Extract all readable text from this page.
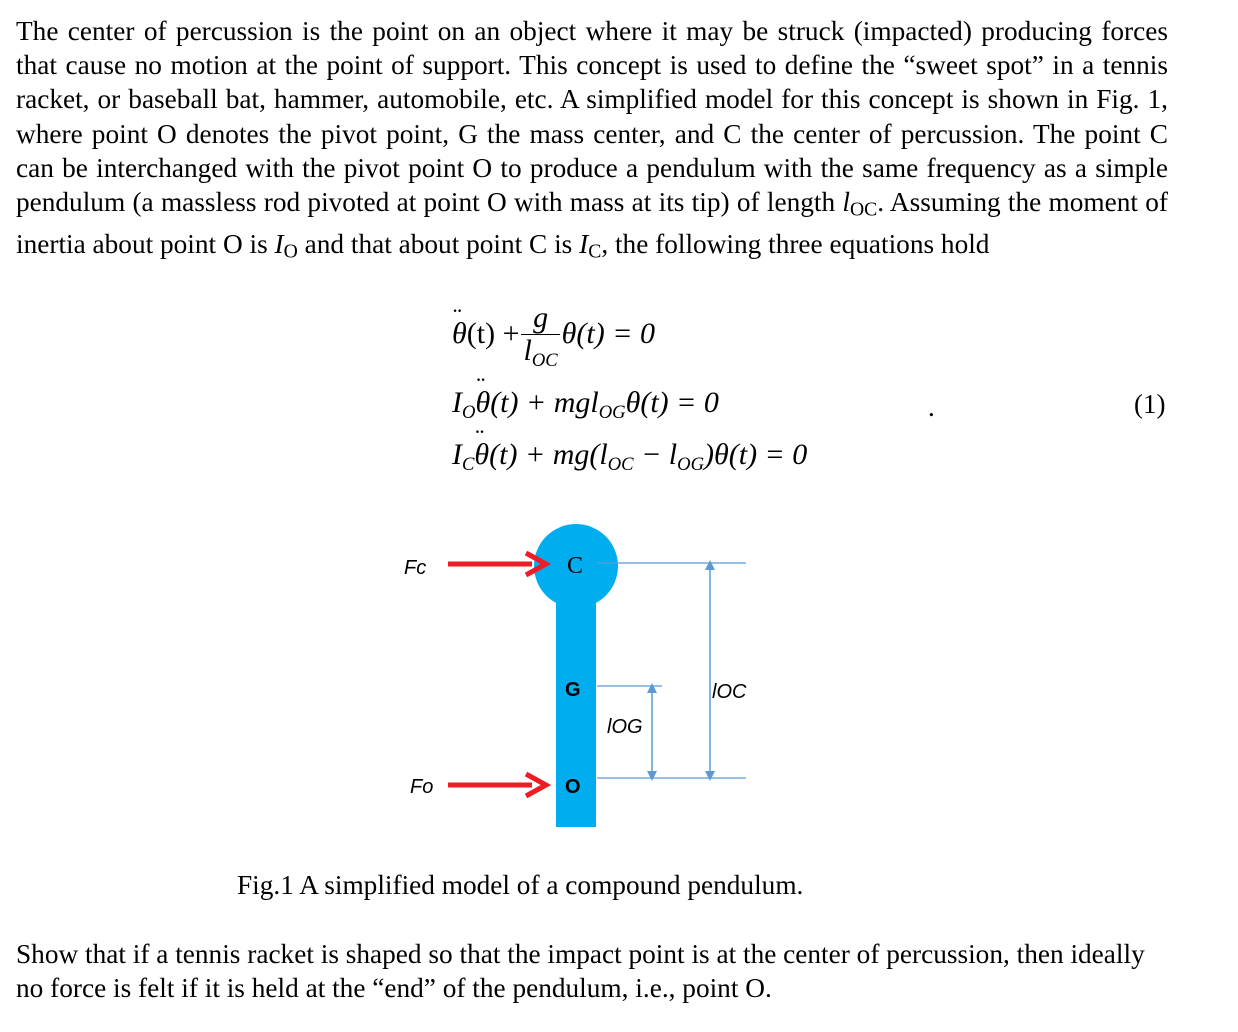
The center of percussion is the point on an object where it may be struck (impacted) producing forces that cause no motion at the point of support. This concept is used to define the “sweet spot” in a tennis racket, or baseball bat, hammer, automobile, etc. A simplified model for this concept is shown in Fig. 1, where point O denotes the pivot point, G the mass center, and C the center of percussion. The point C can be interchanged with the pivot point O to produce a pendulum with the same frequency as a simple pendulum (a massless rod pivoted at point O with mass at its tip) of length $l_{OC}$. Assuming the moment of inertia about point O is $I_O$ and that about point C is $I_C$, the following three equations hold

¨ $\theta(t) + \frac{g}{l_{OC}} \theta(t) = 0$
$I_O¨$ θ(t) + mgl$_{OG}$θ(t) = 0
$I_C¨$ $\theta(t) + mg(l_{OC} - l_{OG})\theta(t) = 0$
.	(1)
Fc
Fo
C
G
O
lOG
lOC

Fig.1 A simplified model of a compound pendulum.

Show that if a tennis racket is shaped so that the impact point is at the center of percussion, then ideally no force is felt if it is held at the “end” of the pendulum, i.e., point O.
